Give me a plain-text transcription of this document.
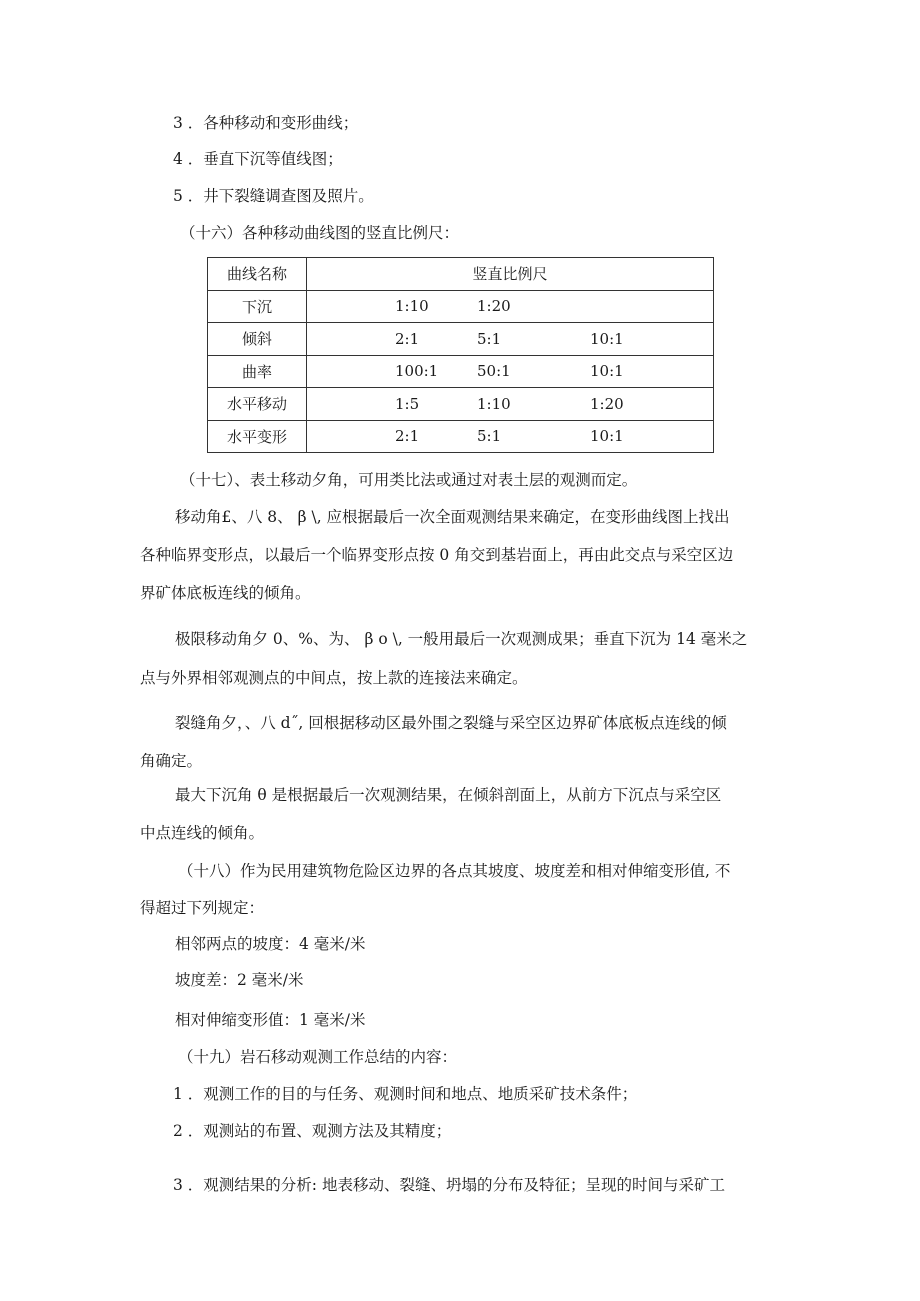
3 ．各种移动和变形曲线；
4 ．垂直下沉等值线图；
5 ．井下裂缝调查图及照片。
（十六）各种移动曲线图的竖直比例尺：
曲线名称	竖直比例尺

下沉	1:10 1:20

倾斜	2:1 5:1 10:1

曲率	100:1 50:1 10:1

水平移动	1:5 1:10 1:20

水平变形	2:1 5:1 10:1
（十七）、表土移动夕角，可用类比法或通过对表土层的观测而定。
移动角£、八 8、 β \, 应根据最后一次全面观测结果来确定，在变形曲线图上找出
各种临界变形点，以最后一个临界变形点按 0 角交到基岩面上，再由此交点与采空区边
界矿体底板连线的倾角。
极限移动角夕 0、%、为、 β o \, 一般用最后一次观测成果；垂直下沉为 14 毫米之
点与外界相邻观测点的中间点，按上款的连接法来确定。
裂缝角夕，、八 d˝, 回根据移动区最外围之裂缝与采空区边界矿体底板点连线的倾
角确定。
最大下沉角 θ 是根据最后一次观测结果，在倾斜剖面上，从前方下沉点与采空区
中点连线的倾角。
（十八）作为民用建筑物危险区边界的各点其坡度、坡度差和相对伸缩变形值, 不
得超过下列规定：
相邻两点的坡度：4 毫米/米
坡度差：2 毫米/米
相对伸缩变形值：1 毫米/米
（十九）岩石移动观测工作总结的内容：
1 ．观测工作的目的与任务、观测时间和地点、地质采矿技术条件；
2 ．观测站的布置、观测方法及其精度；
3 ．观测结果的分析: 地表移动、裂缝、坍塌的分布及特征；呈现的时间与采矿工
